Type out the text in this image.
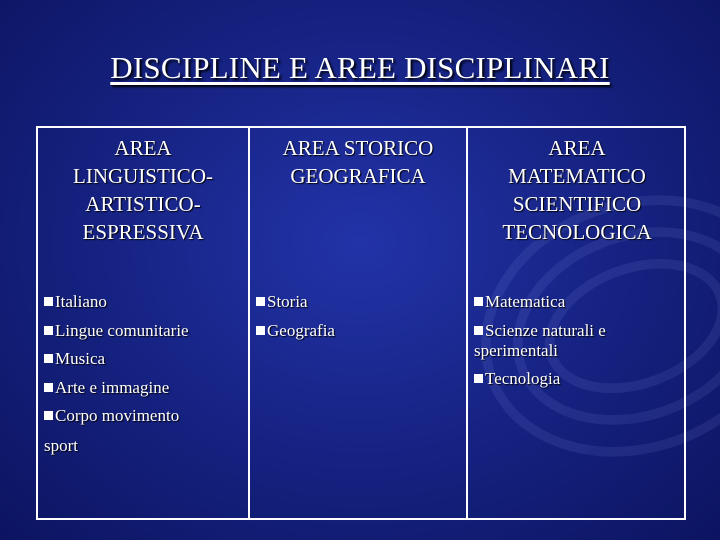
DISCIPLINE E AREE DISCIPLINARI
AREA
LINGUISTICO-
ARTISTICO-
ESPRESSIVA
Italiano
Lingue comunitarie
Musica
Arte e immagine
Corpo movimento
sport
AREA STORICO
GEOGRAFICA
Storia
Geografia
AREA
MATEMATICO
SCIENTIFICO
TECNOLOGICA
Matematica
Scienze naturali e
sperimentali
Tecnologia
